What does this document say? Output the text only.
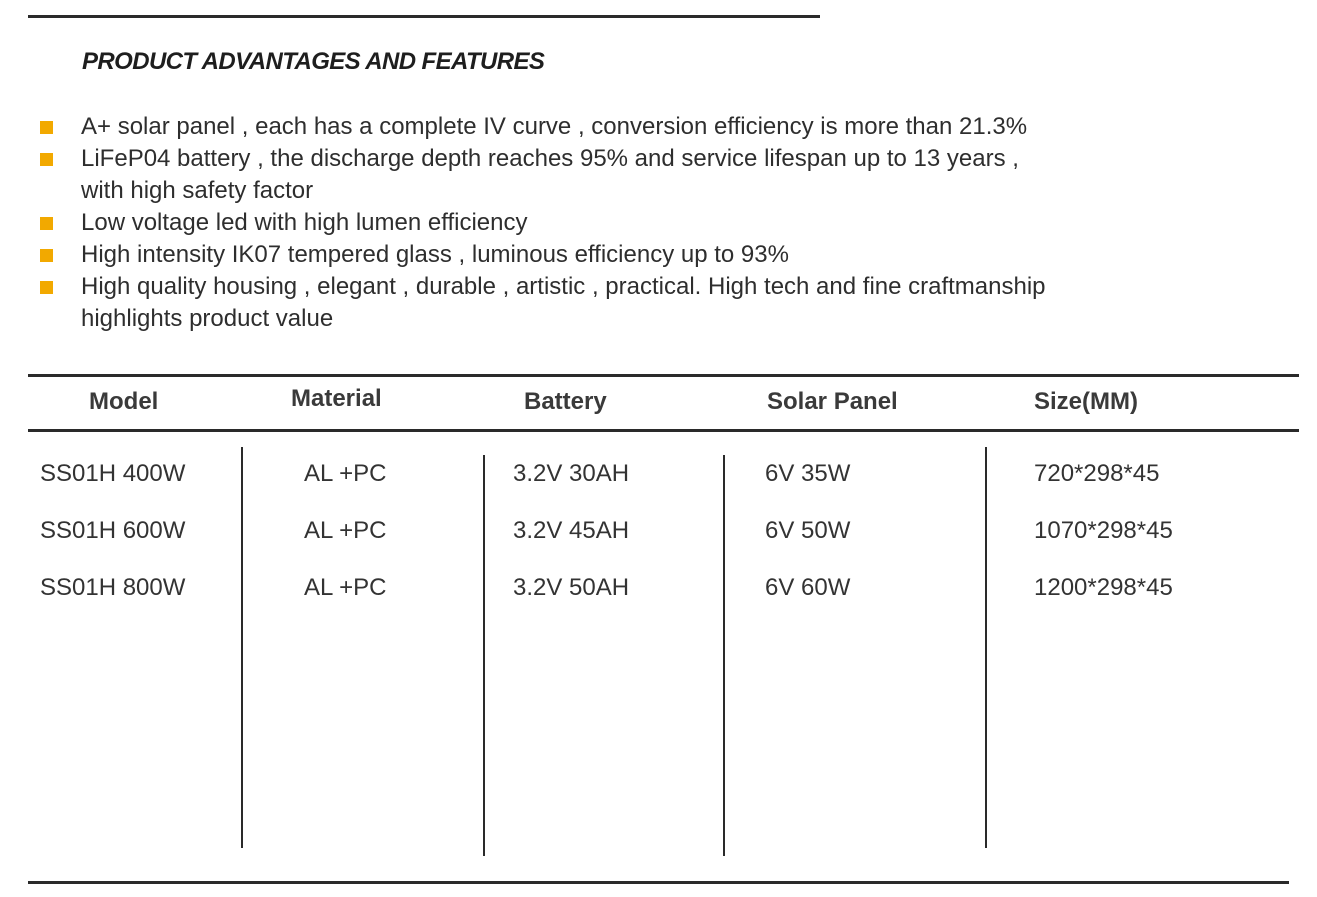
PRODUCT ADVANTAGES AND FEATURES
A+ solar panel , each has a complete IV curve , conversion efficiency is more than 21.3%
LiFeP04 battery , the discharge depth reaches 95% and service lifespan up to 13 years ,
with high safety factor
Low voltage led with high lumen efficiency
High intensity IK07 tempered glass , luminous efficiency up to 93%
High quality housing , elegant , durable , artistic , practical. High tech and fine craftmanship
highlights product value
Model	Material	Battery	Solar Panel	Size(MM)
SS01H 400W	AL +PC	3.2V 30AH	6V 35W	720*298*45
SS01H 600W	AL +PC	3.2V 45AH	6V 50W	1070*298*45
SS01H 800W	AL +PC	3.2V 50AH	6V 60W	1200*298*45
